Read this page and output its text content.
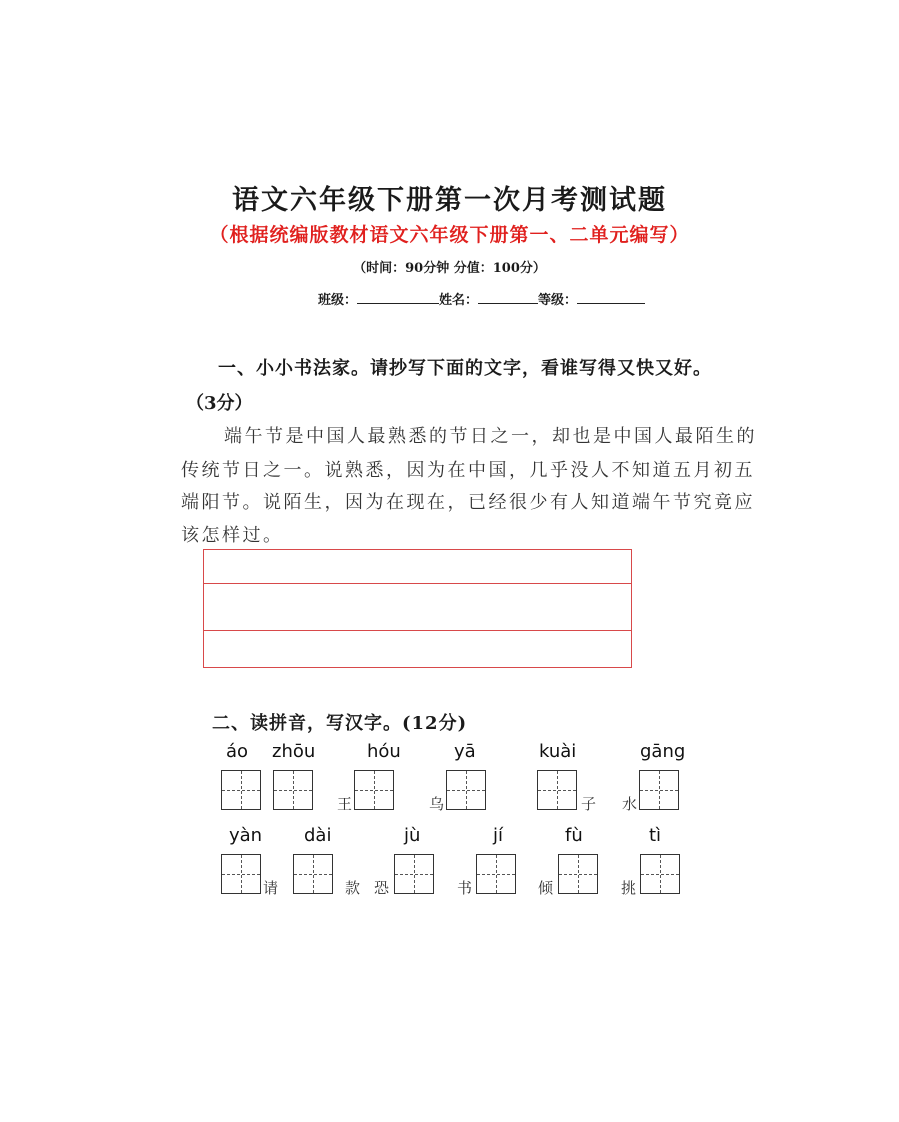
语文六年级下册第一次月考测试题
（根据统编版教材语文六年级下册第一、二单元编写）
（时间：90分钟 分值：100分）
班级：	姓名：	等级：
一、小小书法家。请抄写下面的文字，看谁写得又快又好。
（3分）
端午节是中国人最熟悉的节日之一，却也是中国人最陌生的
传统节日之一。说熟悉，因为在中国，几乎没人不知道五月初五
端阳节。说陌生，因为在现在，已经很少有人知道端午节究竟应
该怎样过。
二、读拼音，写汉字。(12分)
áo zhōu	hóu	yā	kuài	gāng
王	乌	子 水
yàn dài	jù	jí	fù	tì
请	款 恐	书	倾	挑
